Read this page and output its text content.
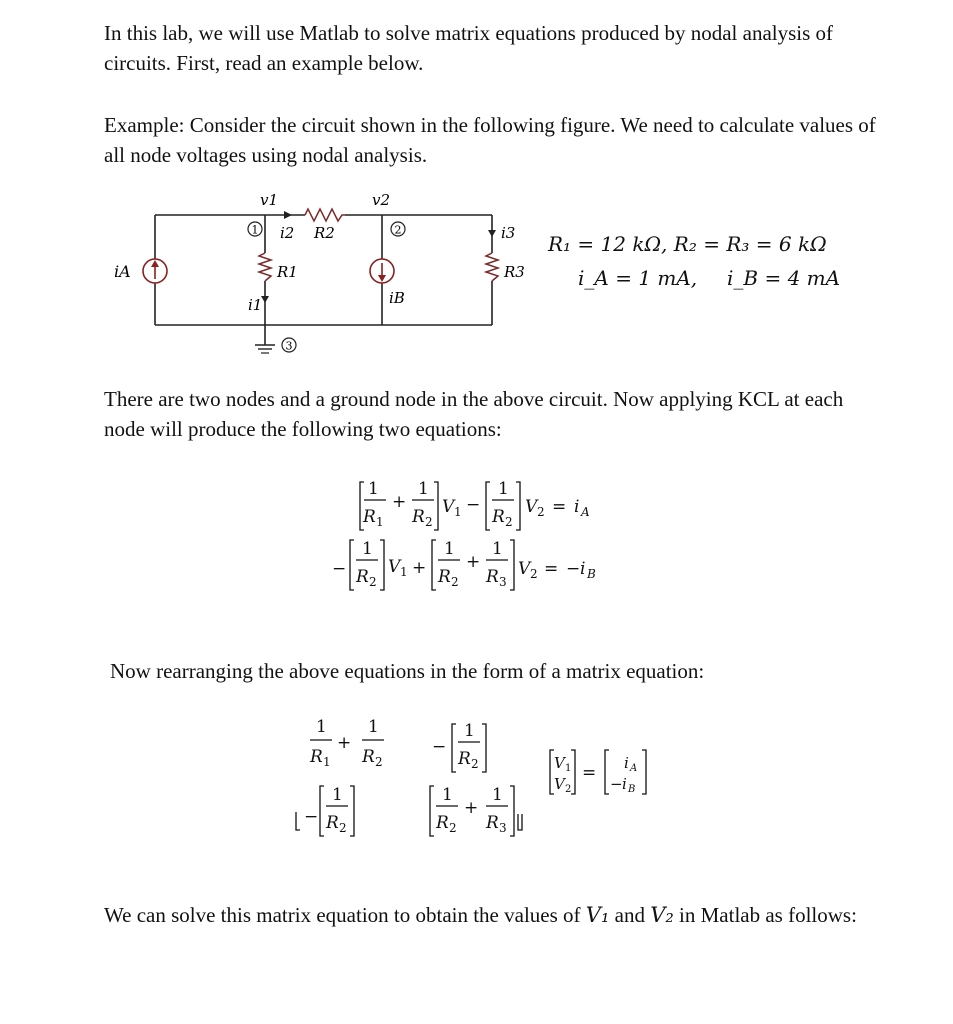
In this lab, we will use Matlab to solve matrix equations produced by nodal analysis of circuits. First, read an example below.

Example: Consider the circuit shown in the following figure. We need to calculate values of all node voltages using nodal analysis.

1	2
3
v1	v2
i2 R2
R1
i1
iA
iB
i3
R3
R₁ = 12 kΩ, R₂ = R₃ = 6 kΩ
i_A = 1 mA, i_B = 4 mA

There are two nodes and a ground node in the above circuit. Now applying KCL at each node will produce the following two equations:

1
R 1
+
1
R 2
V 1 −
1
R 2
V 2 = i A
−
1
R 2
V 1 +
1
R 2
+
1
R 3
V 2 = − i B

Now rearranging the above equations in the form of a matrix equation:

1
R 1
+
1
R 2
−
1
R 2
−
1
R 2
1
R 2
+
1
R 3
V 1
V 2
= i A
− i B

We can solve this matrix equation to obtain the values of V₁ and V₂ in Matlab as follows:
